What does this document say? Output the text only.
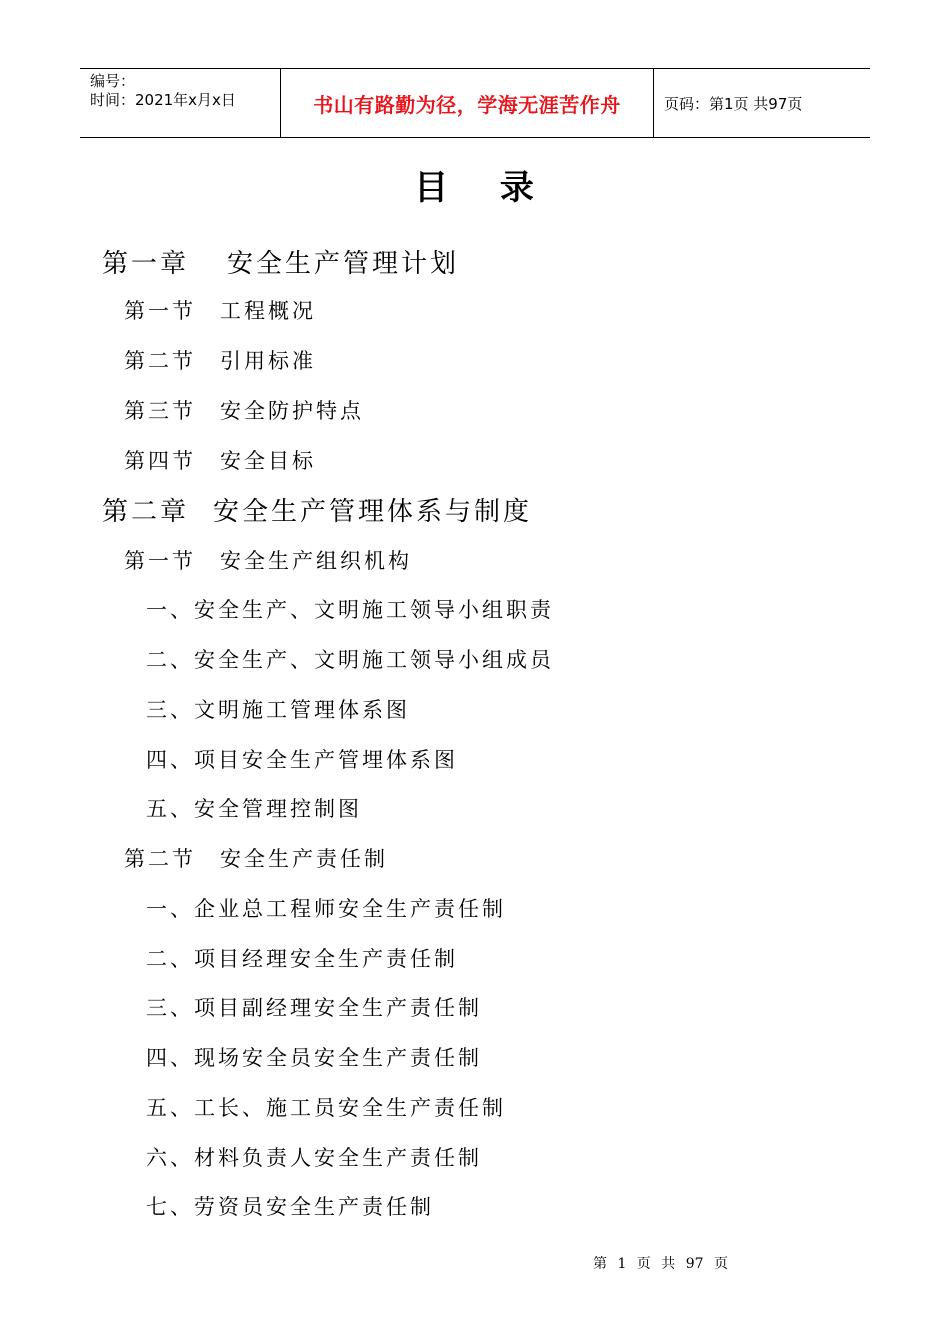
编号：
时间：2021年x月x日	书山有路勤为径，学海无涯苦作舟	页码：第1页 共97页
目 录
第一章 安全生产管理计划
第一节 工程概况
第二节 引用标准
第三节 安全防护特点
第四节 安全目标
第二章 安全生产管理体系与制度
第一节 安全生产组织机构
一、安全生产、文明施工领导小组职责
二、安全生产、文明施工领导小组成员
三、文明施工管理体系图
四、项目安全生产管埋体系图
五、安全管理控制图
第二节 安全生产责任制
一、企业总工程师安全生产责任制
二、项目经理安全生产责任制
三、项目副经理安全生产责任制
四、现场安全员安全生产责任制
五、工长、施工员安全生产责任制
六、材料负责人安全生产责任制
七、劳资员安全生产责任制
第 1 页 共 97 页
